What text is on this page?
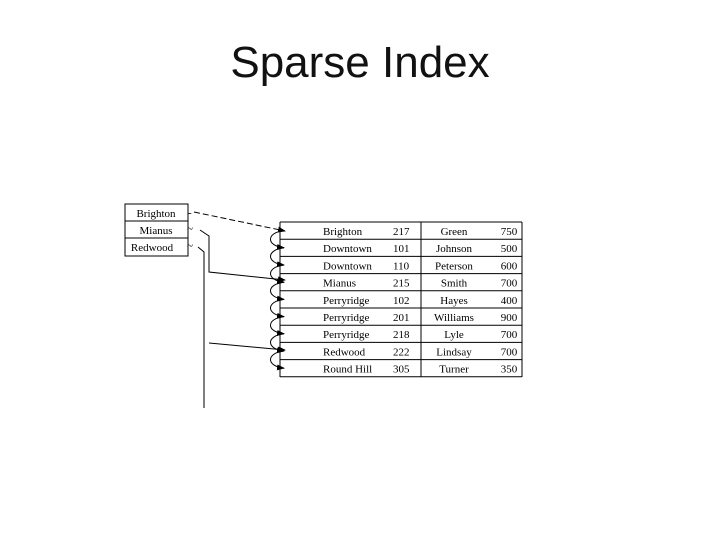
Sparse Index
Brighton
Mianus
Redwood
-
~
~
Brighton	217	Green	750
Downtown 101 Johnson	500
Downtown 110 Peterson	600
Mianus	215	Smith	700
Perryridge 102	Hayes	400
Perryridge 201 Williams 900
Perryridge 218	Lyle	700
Redwood	222 Lindsay	700
Round Hill 305	Turner	350
